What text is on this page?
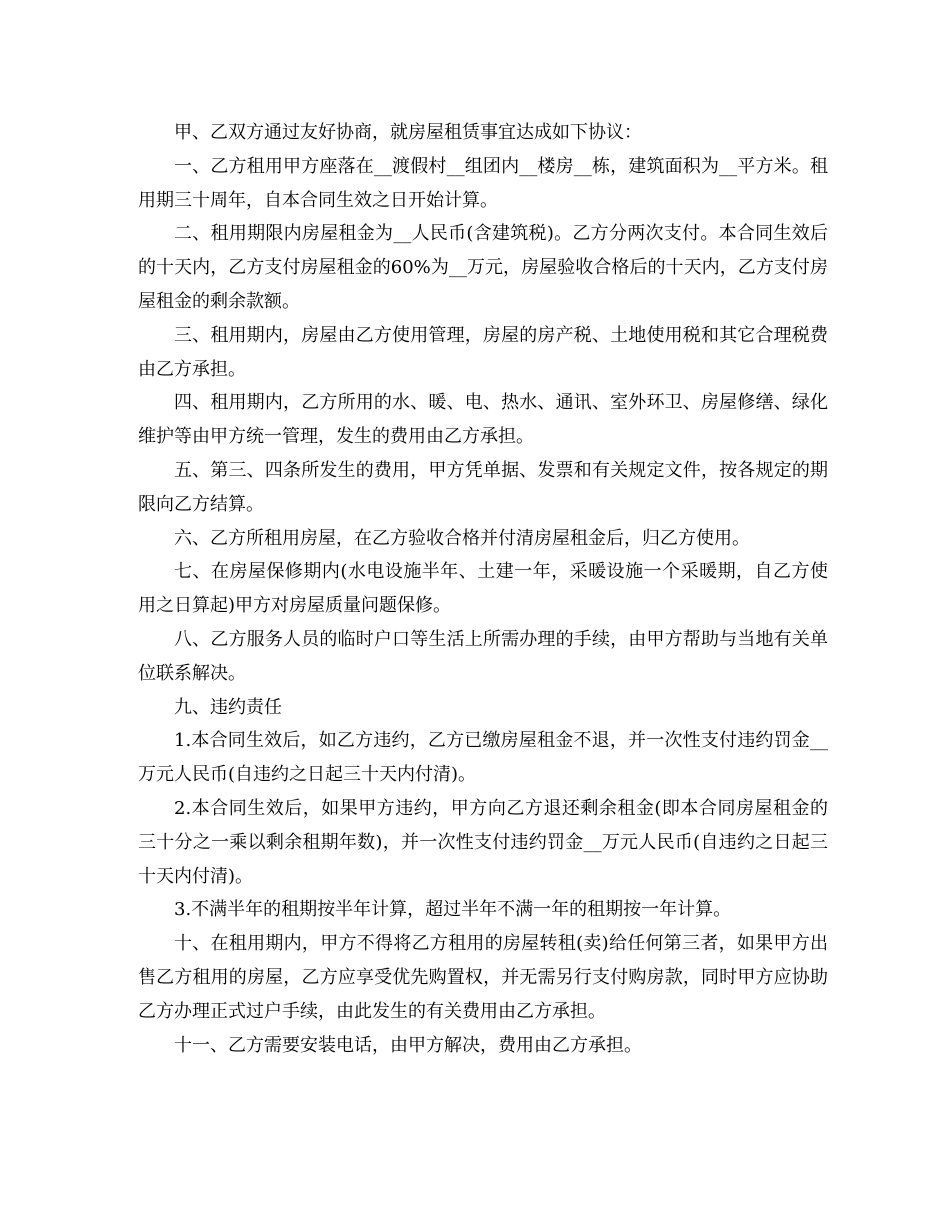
甲、乙双方通过友好协商，就房屋租赁事宜达成如下协议：

一、乙方租用甲方座落在__渡假村__组团内__楼房__栋，建筑面积为__平方米。租用期三十周年，自本合同生效之日开始计算。

二、租用期限内房屋租金为__人民币(含建筑税)。乙方分两次支付。本合同生效后的十天内，乙方支付房屋租金的60%为__万元，房屋验收合格后的十天内，乙方支付房屋租金的剩余款额。

三、租用期内，房屋由乙方使用管理，房屋的房产税、土地使用税和其它合理税费由乙方承担。

四、租用期内，乙方所用的水、暖、电、热水、通讯、室外环卫、房屋修缮、绿化维护等由甲方统一管理，发生的费用由乙方承担。

五、第三、四条所发生的费用，甲方凭单据、发票和有关规定文件，按各规定的期限向乙方结算。

六、乙方所租用房屋，在乙方验收合格并付清房屋租金后，归乙方使用。

七、在房屋保修期内(水电设施半年、土建一年，采暖设施一个采暖期，自乙方使用之日算起)甲方对房屋质量问题保修。

八、乙方服务人员的临时户口等生活上所需办理的手续，由甲方帮助与当地有关单位联系解决。

九、违约责任

1.本合同生效后，如乙方违约，乙方已缴房屋租金不退，并一次性支付违约罚金__万元人民币(自违约之日起三十天内付清)。

2.本合同生效后，如果甲方违约，甲方向乙方退还剩余租金(即本合同房屋租金的三十分之一乘以剩余租期年数)，并一次性支付违约罚金__万元人民币(自违约之日起三十天内付清)。

3.不满半年的租期按半年计算，超过半年不满一年的租期按一年计算。

十、在租用期内，甲方不得将乙方租用的房屋转租(卖)给任何第三者，如果甲方出售乙方租用的房屋，乙方应享受优先购置权，并无需另行支付购房款，同时甲方应协助乙方办理正式过户手续，由此发生的有关费用由乙方承担。

十一、乙方需要安装电话，由甲方解决，费用由乙方承担。
